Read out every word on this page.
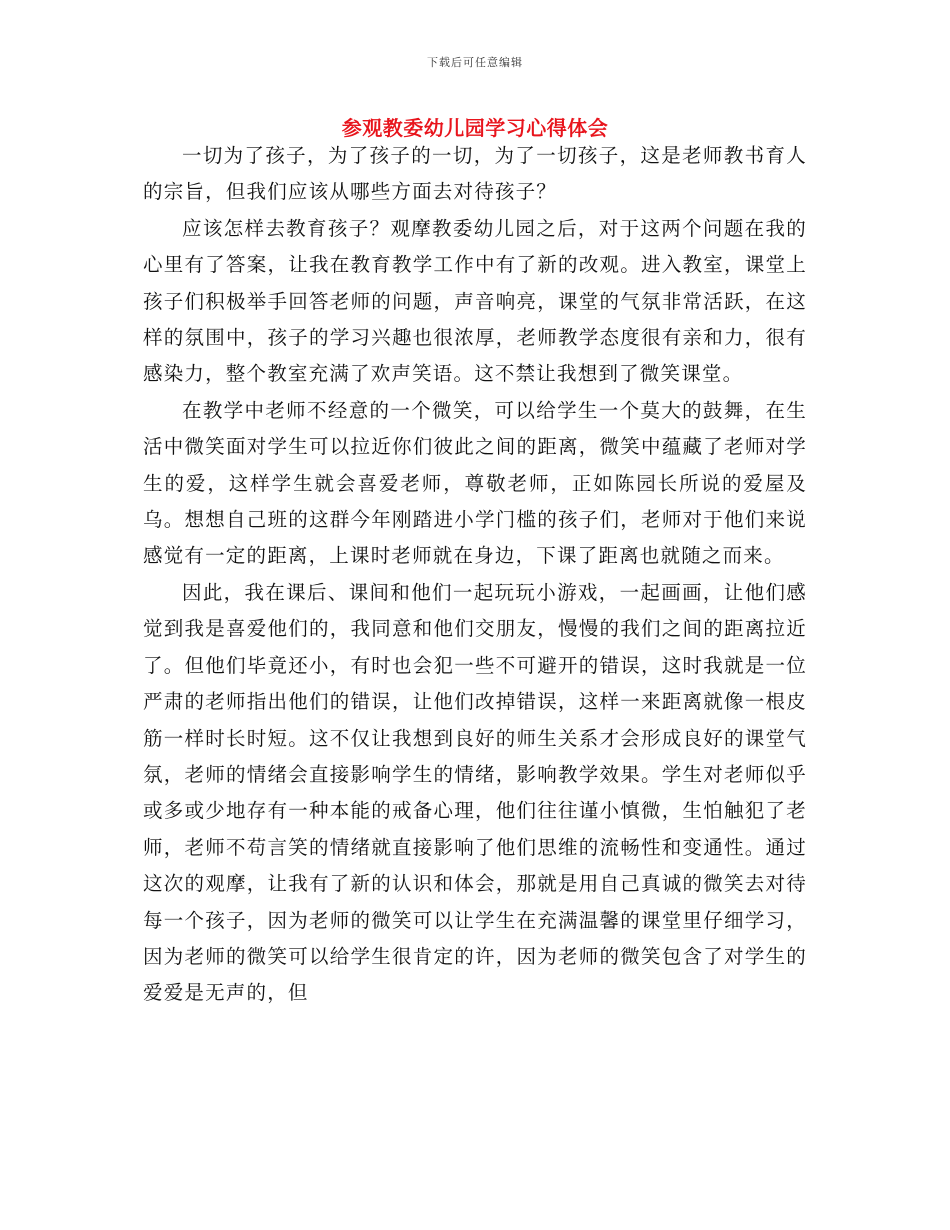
下载后可任意编辑
参观教委幼儿园学习心得体会

一切为了孩子，为了孩子的一切，为了一切孩子，这是老师教书育人的宗旨，但我们应该从哪些方面去对待孩子？

应该怎样去教育孩子？观摩教委幼儿园之后，对于这两个问题在我的心里有了答案，让我在教育教学工作中有了新的改观。进入教室，课堂上孩子们积极举手回答老师的问题，声音响亮，课堂的气氛非常活跃，在这样的氛围中，孩子的学习兴趣也很浓厚，老师教学态度很有亲和力，很有感染力，整个教室充满了欢声笑语。这不禁让我想到了微笑课堂。

在教学中老师不经意的一个微笑，可以给学生一个莫大的鼓舞，在生活中微笑面对学生可以拉近你们彼此之间的距离，微笑中蕴藏了老师对学生的爱，这样学生就会喜爱老师，尊敬老师，正如陈园长所说的爱屋及乌。想想自己班的这群今年刚踏进小学门槛的孩子们，老师对于他们来说感觉有一定的距离，上课时老师就在身边，下课了距离也就随之而来。

因此，我在课后、课间和他们一起玩玩小游戏，一起画画，让他们感觉到我是喜爱他们的，我同意和他们交朋友，慢慢的我们之间的距离拉近了。但他们毕竟还小，有时也会犯一些不可避开的错误，这时我就是一位严肃的老师指出他们的错误，让他们改掉错误，这样一来距离就像一根皮筋一样时长时短。这不仅让我想到良好的师生关系才会形成良好的课堂气氛，老师的情绪会直接影响学生的情绪，影响教学效果。学生对老师似乎或多或少地存有一种本能的戒备心理，他们往往谨小慎微，生怕触犯了老师，老师不苟言笑的情绪就直接影响了他们思维的流畅性和变通性。通过这次的观摩，让我有了新的认识和体会，那就是用自己真诚的微笑去对待每一个孩子，因为老师的微笑可以让学生在充满温馨的课堂里仔细学习，因为老师的微笑可以给学生很肯定的许，因为老师的微笑包含了对学生的爱爱是无声的，但
